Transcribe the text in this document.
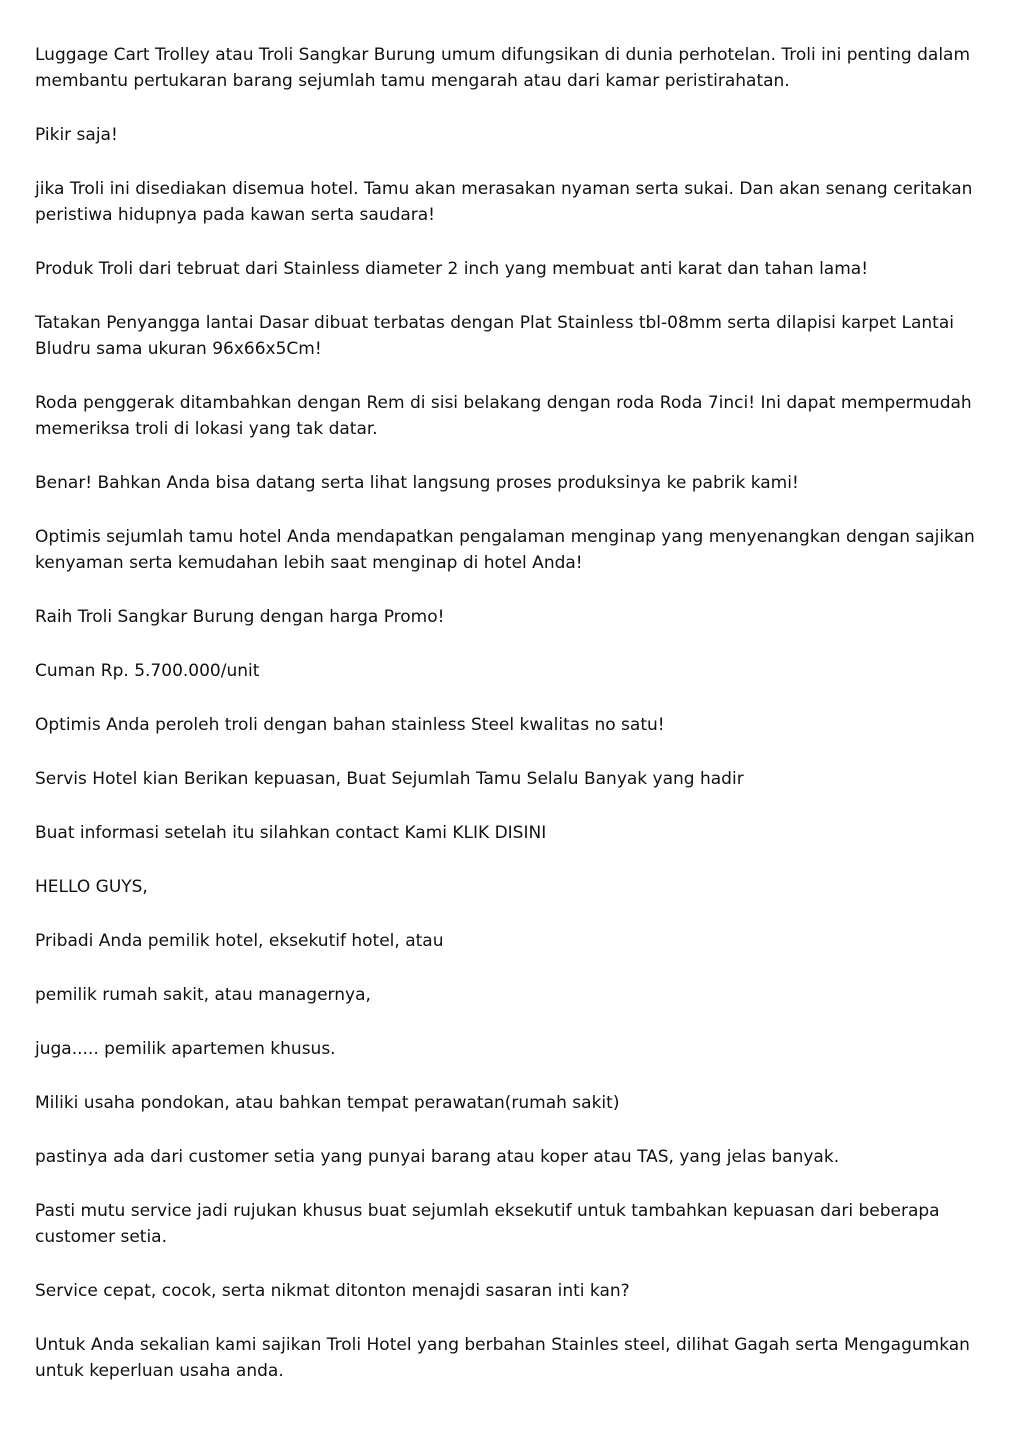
Luggage Cart Trolley atau Troli Sangkar Burung umum difungsikan di dunia perhotelan. Troli ini penting dalam membantu pertukaran barang sejumlah tamu mengarah atau dari kamar peristirahatan.

Pikir saja!

jika Troli ini disediakan disemua hotel. Tamu akan merasakan nyaman serta sukai. Dan akan senang ceritakan peristiwa hidupnya pada kawan serta saudara!

Produk Troli dari tebruat dari Stainless diameter 2 inch yang membuat anti karat dan tahan lama!

Tatakan Penyangga lantai Dasar dibuat terbatas dengan Plat Stainless tbl-08mm serta dilapisi karpet Lantai Bludru sama ukuran 96x66x5Cm!

Roda penggerak ditambahkan dengan Rem di sisi belakang dengan roda Roda 7inci! Ini dapat mempermudah memeriksa troli di lokasi yang tak datar.

Benar! Bahkan Anda bisa datang serta lihat langsung proses produksinya ke pabrik kami!

Optimis sejumlah tamu hotel Anda mendapatkan pengalaman menginap yang menyenangkan dengan sajikan kenyaman serta kemudahan lebih saat menginap di hotel Anda!

Raih Troli Sangkar Burung dengan harga Promo!

Cuman Rp. 5.700.000/unit

Optimis Anda peroleh troli dengan bahan stainless Steel kwalitas no satu!

Servis Hotel kian Berikan kepuasan, Buat Sejumlah Tamu Selalu Banyak yang hadir

Buat informasi setelah itu silahkan contact Kami KLIK DISINI

HELLO GUYS,

Pribadi Anda pemilik hotel, eksekutif hotel, atau

pemilik rumah sakit, atau managernya,

juga..... pemilik apartemen khusus.

Miliki usaha pondokan, atau bahkan tempat perawatan(rumah sakit)

pastinya ada dari customer setia yang punyai barang atau koper atau TAS, yang jelas banyak.

Pasti mutu service jadi rujukan khusus buat sejumlah eksekutif untuk tambahkan kepuasan dari beberapa customer setia.

Service cepat, cocok, serta nikmat ditonton menajdi sasaran inti kan?

Untuk Anda sekalian kami sajikan Troli Hotel yang berbahan Stainles steel, dilihat Gagah serta Mengagumkan untuk keperluan usaha anda.
